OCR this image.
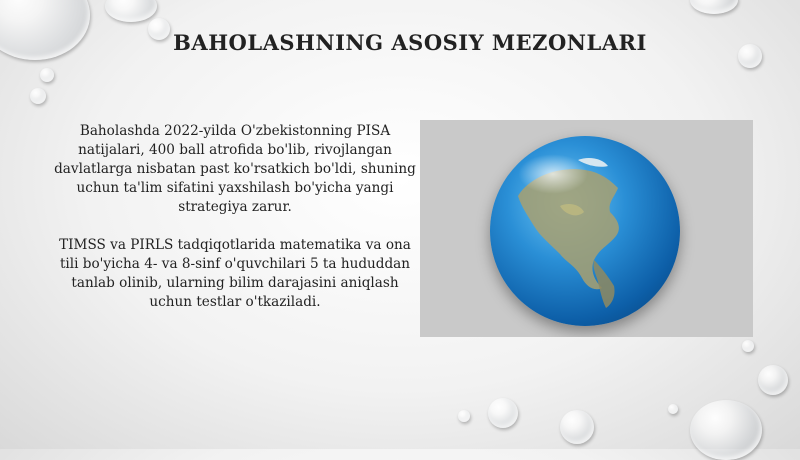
BAHOLASHNING ASOSIY MEZONLARI

Baholashda 2022-yilda O'zbekistonning PISA natijalari, 400 ball atrofida bo'lib, rivojlangan davlatlarga nisbatan past ko'rsatkich bo'ldi, shuning uchun ta'lim sifatini yaxshilash bo'yicha yangi strategiya zarur.

TIMSS va PIRLS tadqiqotlarida matematika va ona tili bo'yicha 4- va 8-sinf o'quvchilari 5 ta hududdan tanlab olinib, ularning bilim darajasini aniqlash uchun testlar o'tkaziladi.
